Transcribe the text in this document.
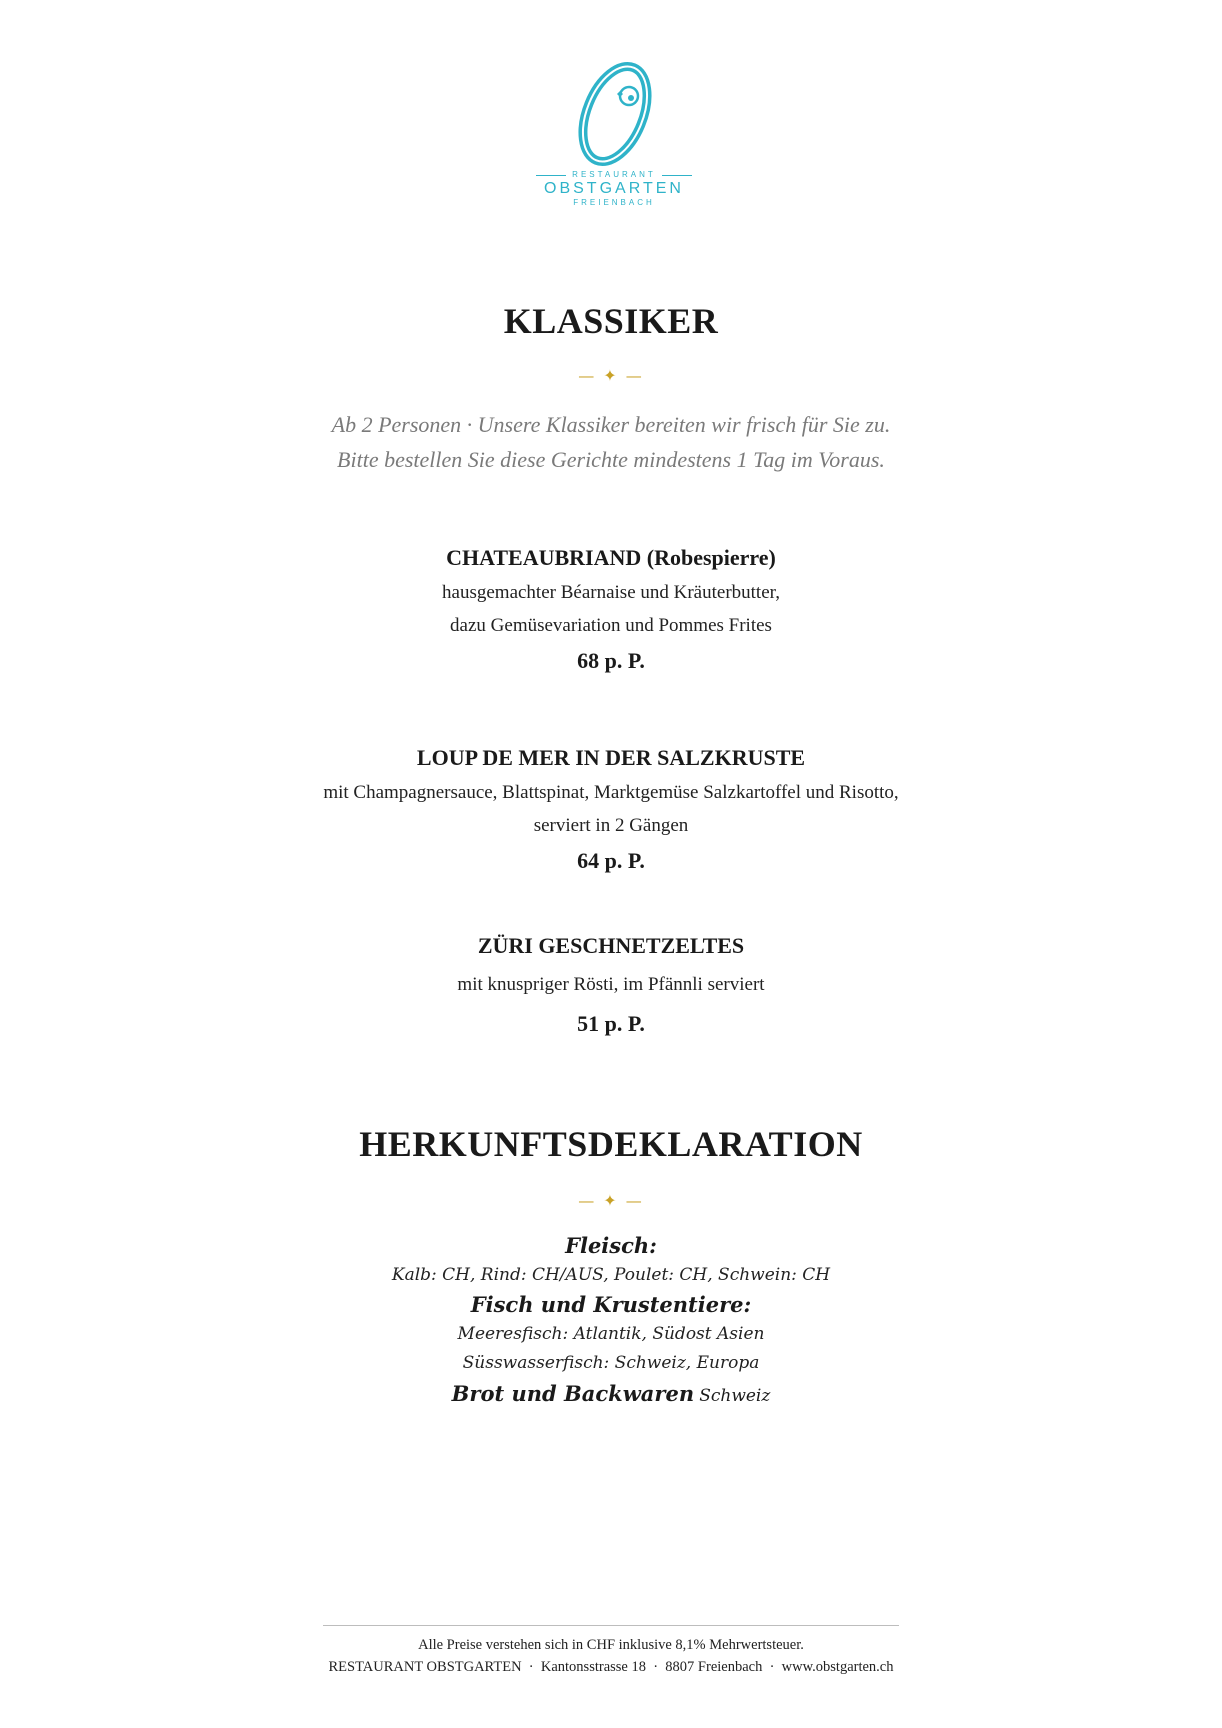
RESTAURANT

OBSTGARTEN

FREIENBACH

KLASSIKER
— ✦ —
Ab 2 Personen · Unsere Klassiker bereiten wir frisch für Sie zu.
Bitte bestellen Sie diese Gerichte mindestens 1 Tag im Voraus.
CHATEAUBRIAND (Robespierre)
hausgemachter Béarnaise und Kräuterbutter,
dazu Gemüsevariation und Pommes Frites
68 p. P.
LOUP DE MER IN DER SALZKRUSTE
mit Champagnersauce, Blattspinat, Marktgemüse Salzkartoffel und Risotto,
serviert in 2 Gängen
64 p. P.
ZÜRI GESCHNETZELTES
mit knuspriger Rösti, im Pfännli serviert
51 p. P.
HERKUNFTSDEKLARATION
— ✦ —
Fleisch:
Kalb: CH, Rind: CH/AUS, Poulet: CH, Schwein: CH
Fisch und Krustentiere:
Meeresfisch: Atlantik, Südost Asien
Süsswasserfisch: Schweiz, Europa
Brot und Backwaren Schweiz
Alle Preise verstehen sich in CHF inklusive 8,1% Mehrwertsteuer.
RESTAURANT OBSTGARTEN  ·  Kantonsstrasse 18  ·  8807 Freienbach  ·  www.obstgarten.ch
